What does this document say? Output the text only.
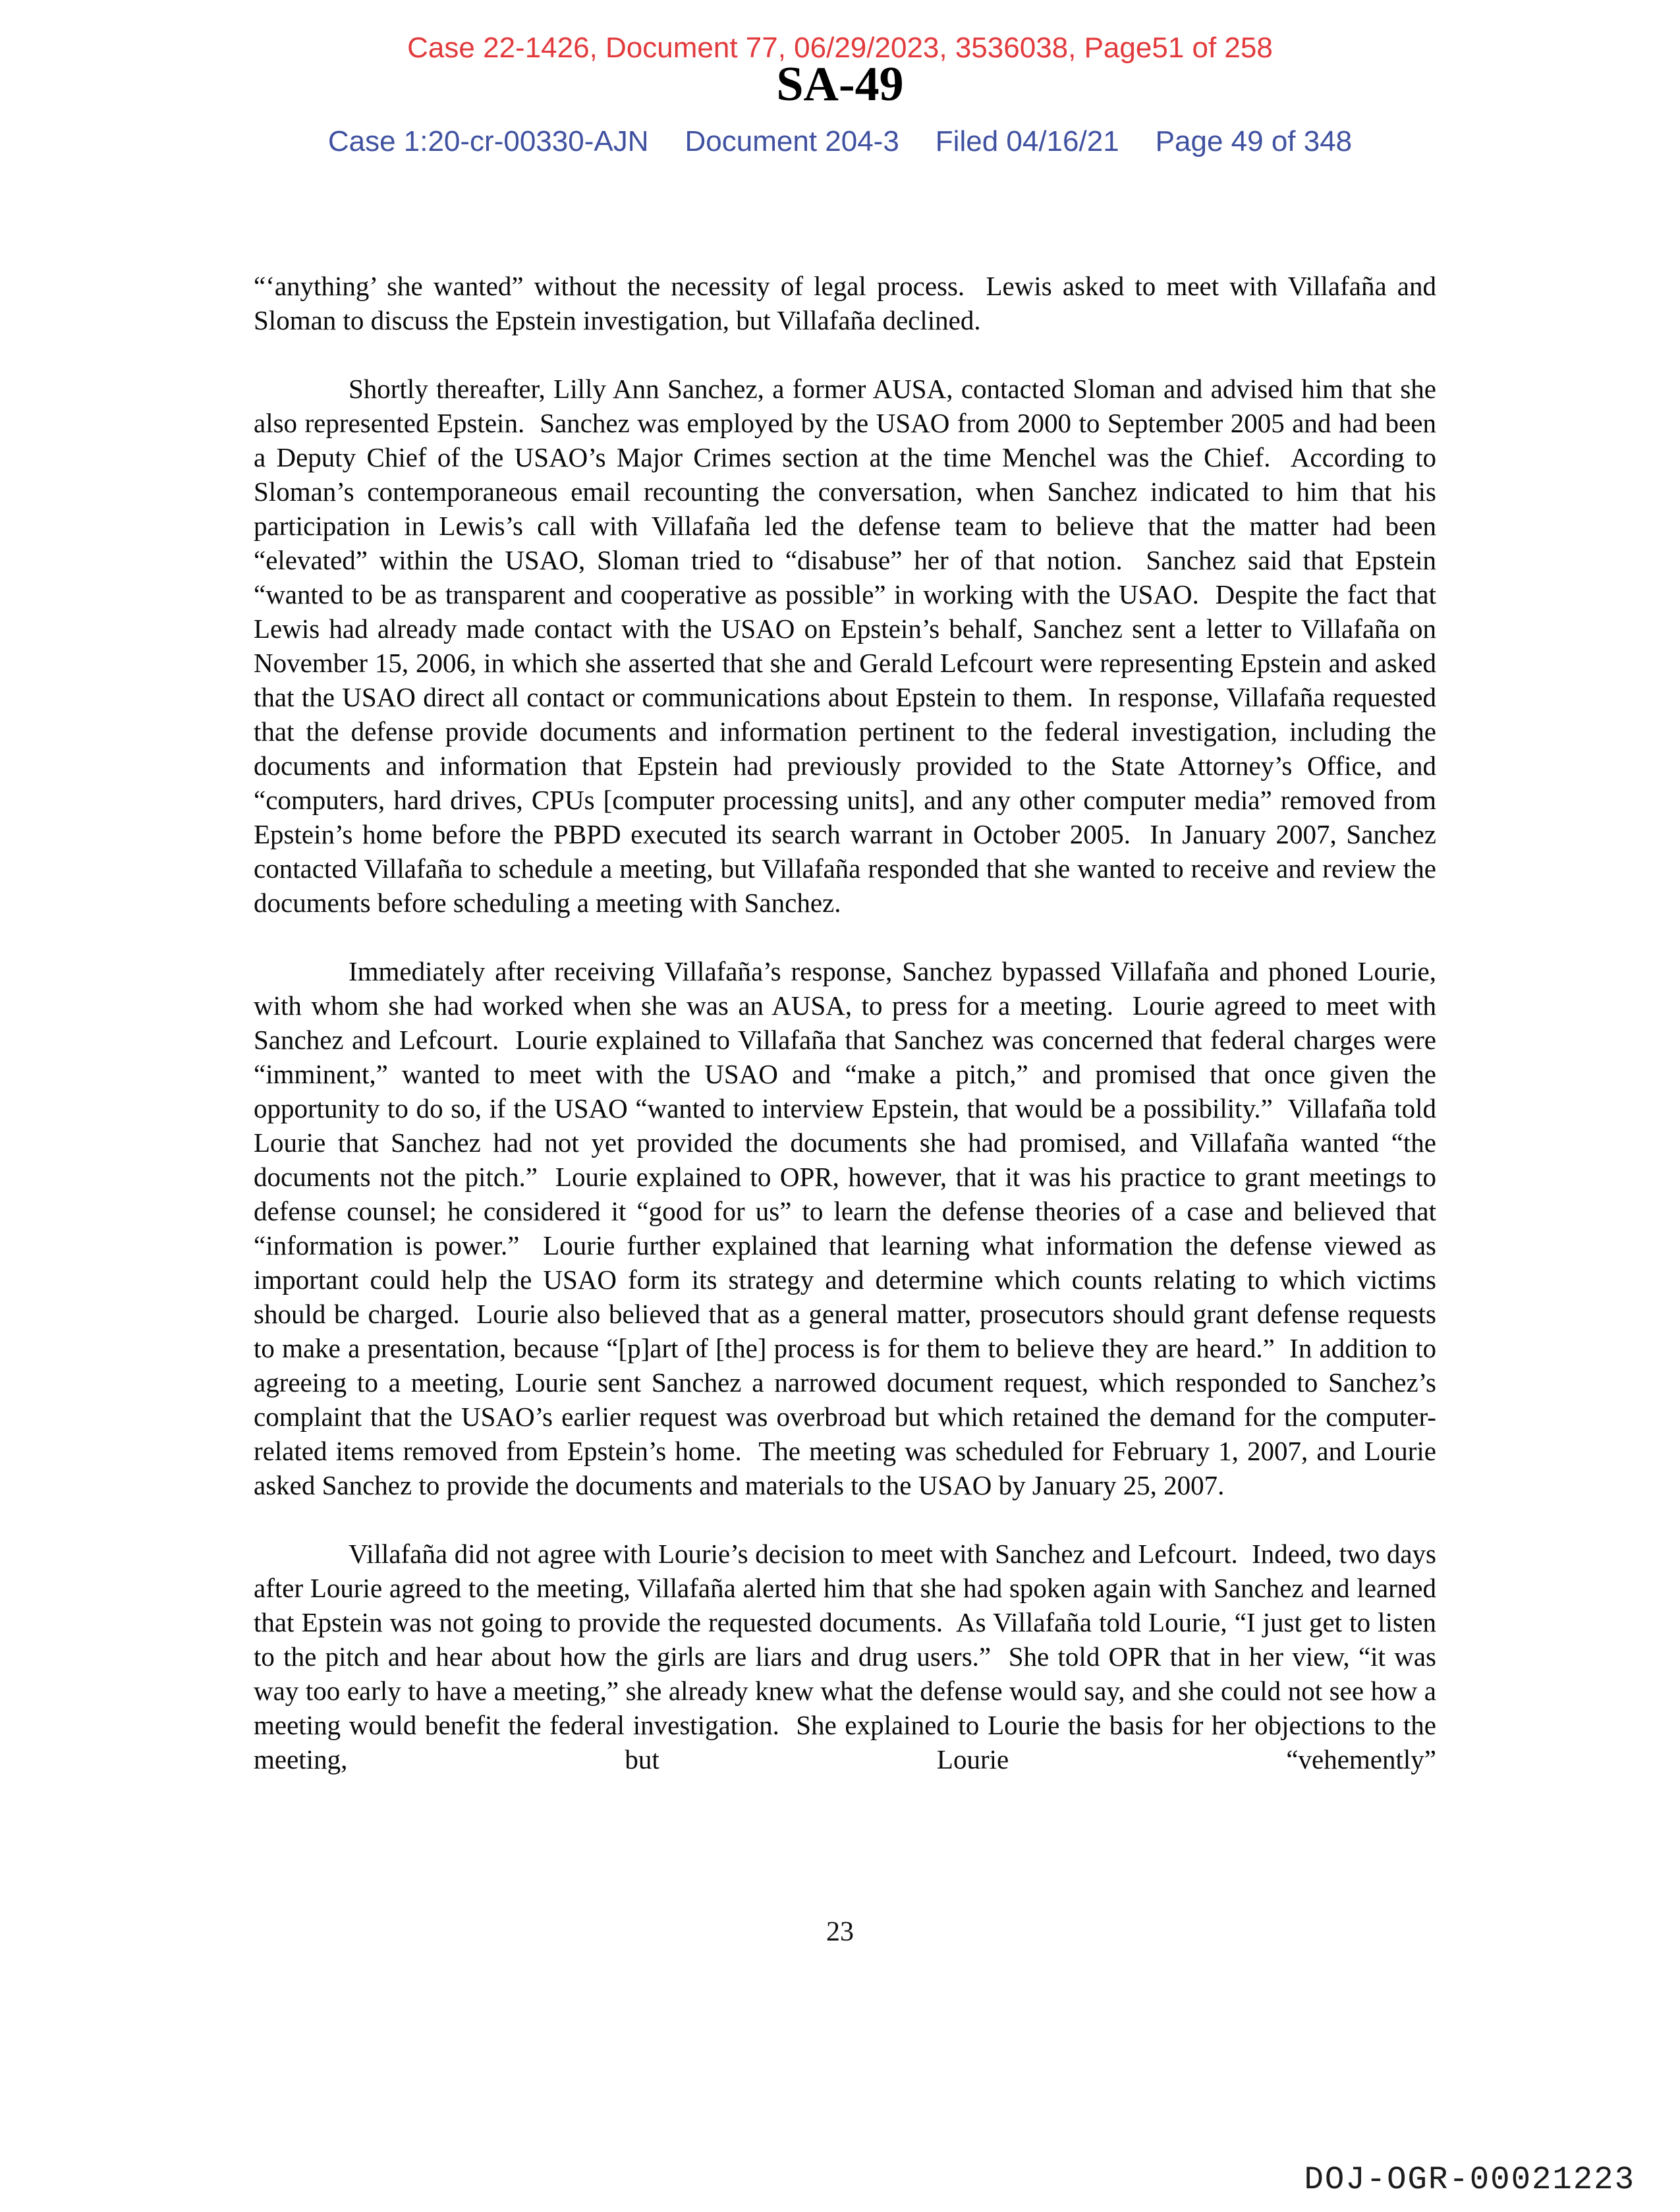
Case 22-1426, Document 77, 06/29/2023, 3536038, Page51 of 258
SA-49
Case 1:20-cr-00330-AJN Document 204-3 Filed 04/16/21 Page 49 of 348

“‘anything’ she wanted” without the necessity of legal process.  Lewis asked to meet with Villafaña and Sloman to discuss the Epstein investigation, but Villafaña declined.

Shortly thereafter, Lilly Ann Sanchez, a former AUSA, contacted Sloman and advised him that she also represented Epstein.  Sanchez was employed by the USAO from 2000 to September 2005 and had been a Deputy Chief of the USAO’s Major Crimes section at the time Menchel was the Chief.  According to Sloman’s contemporaneous email recounting the conversation, when Sanchez indicated to him that his participation in Lewis’s call with Villafaña led the defense team to believe that the matter had been “elevated” within the USAO, Sloman tried to “disabuse” her of that notion.  Sanchez said that Epstein “wanted to be as transparent and cooperative as possible” in working with the USAO.  Despite the fact that Lewis had already made contact with the USAO on Epstein’s behalf, Sanchez sent a letter to Villafaña on November 15, 2006, in which she asserted that she and Gerald Lefcourt were representing Epstein and asked that the USAO direct all contact or communications about Epstein to them.  In response, Villafaña requested that the defense provide documents and information pertinent to the federal investigation, including the documents and information that Epstein had previously provided to the State Attorney’s Office, and “computers, hard drives, CPUs [computer processing units], and any other computer media” removed from Epstein’s home before the PBPD executed its search warrant in October 2005.  In January 2007, Sanchez contacted Villafaña to schedule a meeting, but Villafaña responded that she wanted to receive and review the documents before scheduling a meeting with Sanchez.

Immediately after receiving Villafaña’s response, Sanchez bypassed Villafaña and phoned Lourie, with whom she had worked when she was an AUSA, to press for a meeting.  Lourie agreed to meet with Sanchez and Lefcourt.  Lourie explained to Villafaña that Sanchez was concerned that federal charges were “imminent,” wanted to meet with the USAO and “make a pitch,” and promised that once given the opportunity to do so, if the USAO “wanted to interview Epstein, that would be a possibility.”  Villafaña told Lourie that Sanchez had not yet provided the documents she had promised, and Villafaña wanted “the documents not the pitch.”  Lourie explained to OPR, however, that it was his practice to grant meetings to defense counsel; he considered it “good for us” to learn the defense theories of a case and believed that “information is power.”  Lourie further explained that learning what information the defense viewed as important could help the USAO form its strategy and determine which counts relating to which victims should be charged.  Lourie also believed that as a general matter, prosecutors should grant defense requests to make a presentation, because “[p]art of [the] process is for them to believe they are heard.”  In addition to agreeing to a meeting, Lourie sent Sanchez a narrowed document request, which responded to Sanchez’s complaint that the USAO’s earlier request was overbroad but which retained the demand for the computer-related items removed from Epstein’s home.  The meeting was scheduled for February 1, 2007, and Lourie asked Sanchez to provide the documents and materials to the USAO by January 25, 2007.

Villafaña did not agree with Lourie’s decision to meet with Sanchez and Lefcourt.  Indeed, two days after Lourie agreed to the meeting, Villafaña alerted him that she had spoken again with Sanchez and learned that Epstein was not going to provide the requested documents.  As Villafaña told Lourie, “I just get to listen to the pitch and hear about how the girls are liars and drug users.”  She told OPR that in her view, “it was way too early to have a meeting,” she already knew what the defense would say, and she could not see how a meeting would benefit the federal investigation.  She explained to Lourie the basis for her objections to the meeting, but Lourie “vehemently”

23
DOJ-OGR-00021223
